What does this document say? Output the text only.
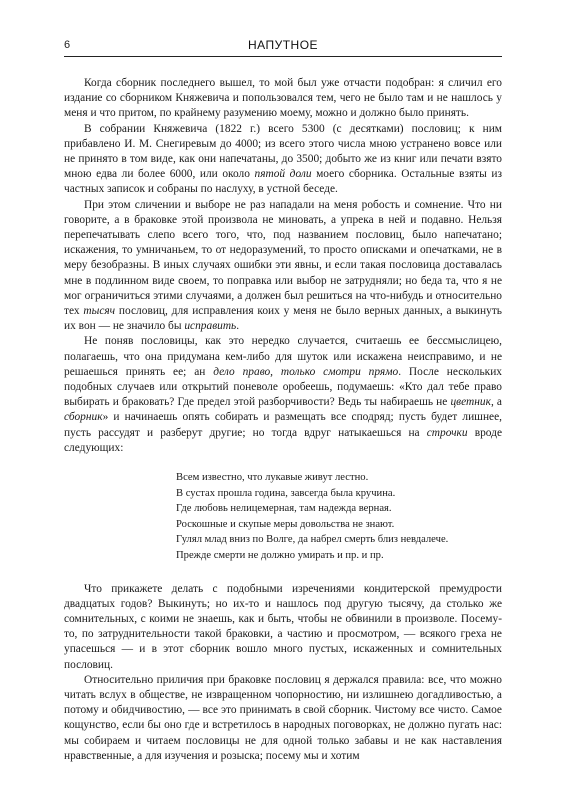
6	НАПУТНОЕ

Когда сборник последнего вышел, то мой был уже отчасти подобран: я сличил его издание со сборником Княжевича и попользовался тем, чего не было там и не нашлось у меня и что притом, по крайнему разумению моему, можно и должно было принять.

В собрании Княжевича (1822 г.) всего 5300 (с десятками) пословиц; к ним прибавлено И. М. Снегиревым до 4000; из всего этого числа мною устранено вовсе или не принято в том виде, как они напечатаны, до 3500; добыто же из книг или печати взято мною едва ли более 6000, или около пятой доли моего сборника. Остальные взяты из частных записок и собраны по наслуху, в устной беседе.

При этом сличении и выборе не раз нападали на меня робость и сомнение. Что ни говорите, а в браковке этой произвола не миновать, а упрека в ней и подавно. Нельзя перепечатывать слепо всего того, что, под названием пословиц, было напечатано; искажения, то умничаньем, то от недоразумений, то просто описками и опечатками, не в меру безобразны. В иных случаях ошибки эти явны, и если такая пословица доставалась мне в подлинном виде своем, то поправка или выбор не затрудняли; но беда та, что я не мог ограничиться этими случаями, а должен был решиться на что-нибудь и относительно тех тысяч пословиц, для исправления коих у меня не было верных данных, а выкинуть их вон — не значило бы исправить.

Не поняв пословицы, как это нередко случается, считаешь ее бессмыслицею, полагаешь, что она придумана кем-либо для шуток или искажена неисправимо, и не решаешься принять ее; ан дело право, только смотри прямо. После нескольких подобных случаев или открытий поневоле оробеешь, подумаешь: «Кто дал тебе право выбирать и браковать? Где предел этой разборчивости? Ведь ты набираешь не цветник, а сборник» и начинаешь опять собирать и размещать все сподряд; пусть будет лишнее, пусть рассудят и разберут другие; но тогда вдруг натыкаешься на строчки вроде следующих:

Всем известно, что лукавые живут лестно.
В сустах прошла година, завсегда была кручина.
Где любовь нелицемерная, там надежда верная.
Роскошные и скупые меры довольства не знают.
Гулял млад вниз по Волге, да набрел смерть близ невдалече.
Прежде смерти не должно умирать и пр. и пр.

Что прикажете делать с подобными изречениями кондитерской премудрости двадцатых годов? Выкинуть; но их-то и нашлось под другую тысячу, да столько же сомнительных, с коими не знаешь, как и быть, чтобы не обвинили в произволе. Посему-то, по затруднительности такой браковки, а частию и просмотром, — всякого греха не упасешься — и в этот сборник вошло много пустых, искаженных и сомнительных пословиц.

Относительно приличия при браковке пословиц я держался правила: все, что можно читать вслух в обществе, не извращенном чопорностию, ни излишнею догадливостью, а потому и обидчивостию, — все это принимать в свой сборник. Чистому все чисто. Самое кощунство, если бы оно где и встретилось в народных поговорках, не должно пугать нас: мы собираем и читаем пословицы не для одной только забавы и не как наставления нравственные, а для изучения и розыска; посему мы и хотим
